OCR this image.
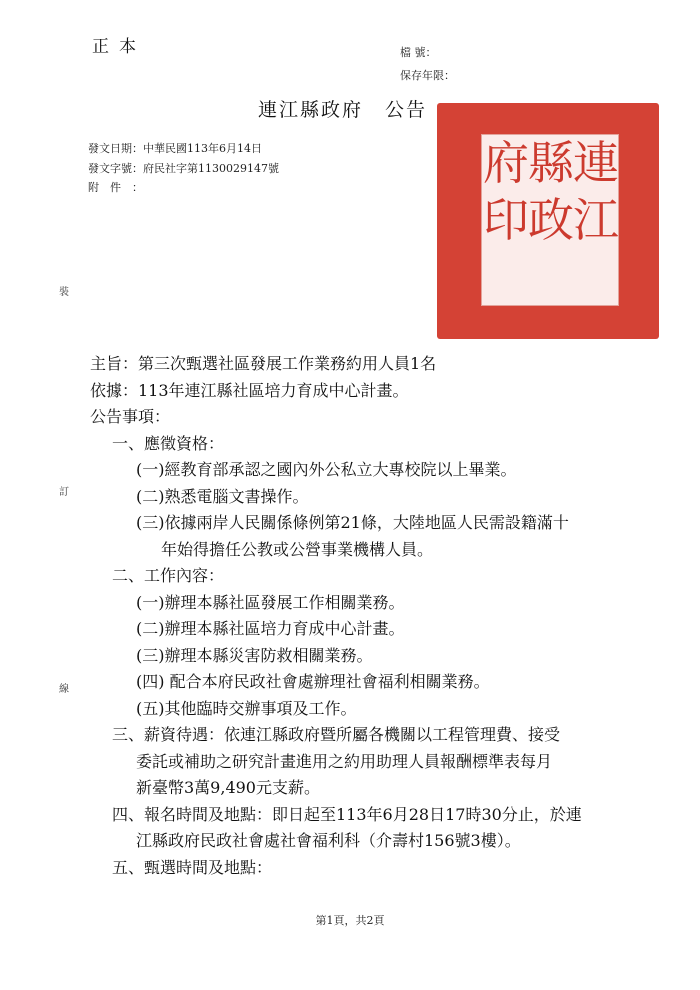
正本	檔 號：
保存年限：
連江縣政府 公告
發文日期：中華民國113年6月14日
發文字號：府民社字第1130029147號
附件：
裝
訂
線
連
江
縣
政
府
印
主旨：第三次甄選社區發展工作業務約用人員1名
依據：113年連江縣社區培力育成中心計畫。
公告事項：
一、應徵資格：
(一)經教育部承認之國內外公私立大專校院以上畢業。
(二)熟悉電腦文書操作。
(三)依據兩岸人民關係條例第21條，大陸地區人民需設籍滿十
年始得擔任公教或公營事業機構人員。
二、工作內容：
(一)辦理本縣社區發展工作相關業務。
(二)辦理本縣社區培力育成中心計畫。
(三)辦理本縣災害防救相關業務。
(四) 配合本府民政社會處辦理社會福利相關業務。
(五)其他臨時交辦事項及工作。
三、薪資待遇：依連江縣政府暨所屬各機關以工程管理費、接受
委託或補助之研究計畫進用之約用助理人員報酬標準表每月
新臺幣3萬9,490元支薪。
四、報名時間及地點：即日起至113年6月28日17時30分止，於連
江縣政府民政社會處社會福利科（介壽村156號3樓）。
五、甄選時間及地點：
第1頁，共2頁
